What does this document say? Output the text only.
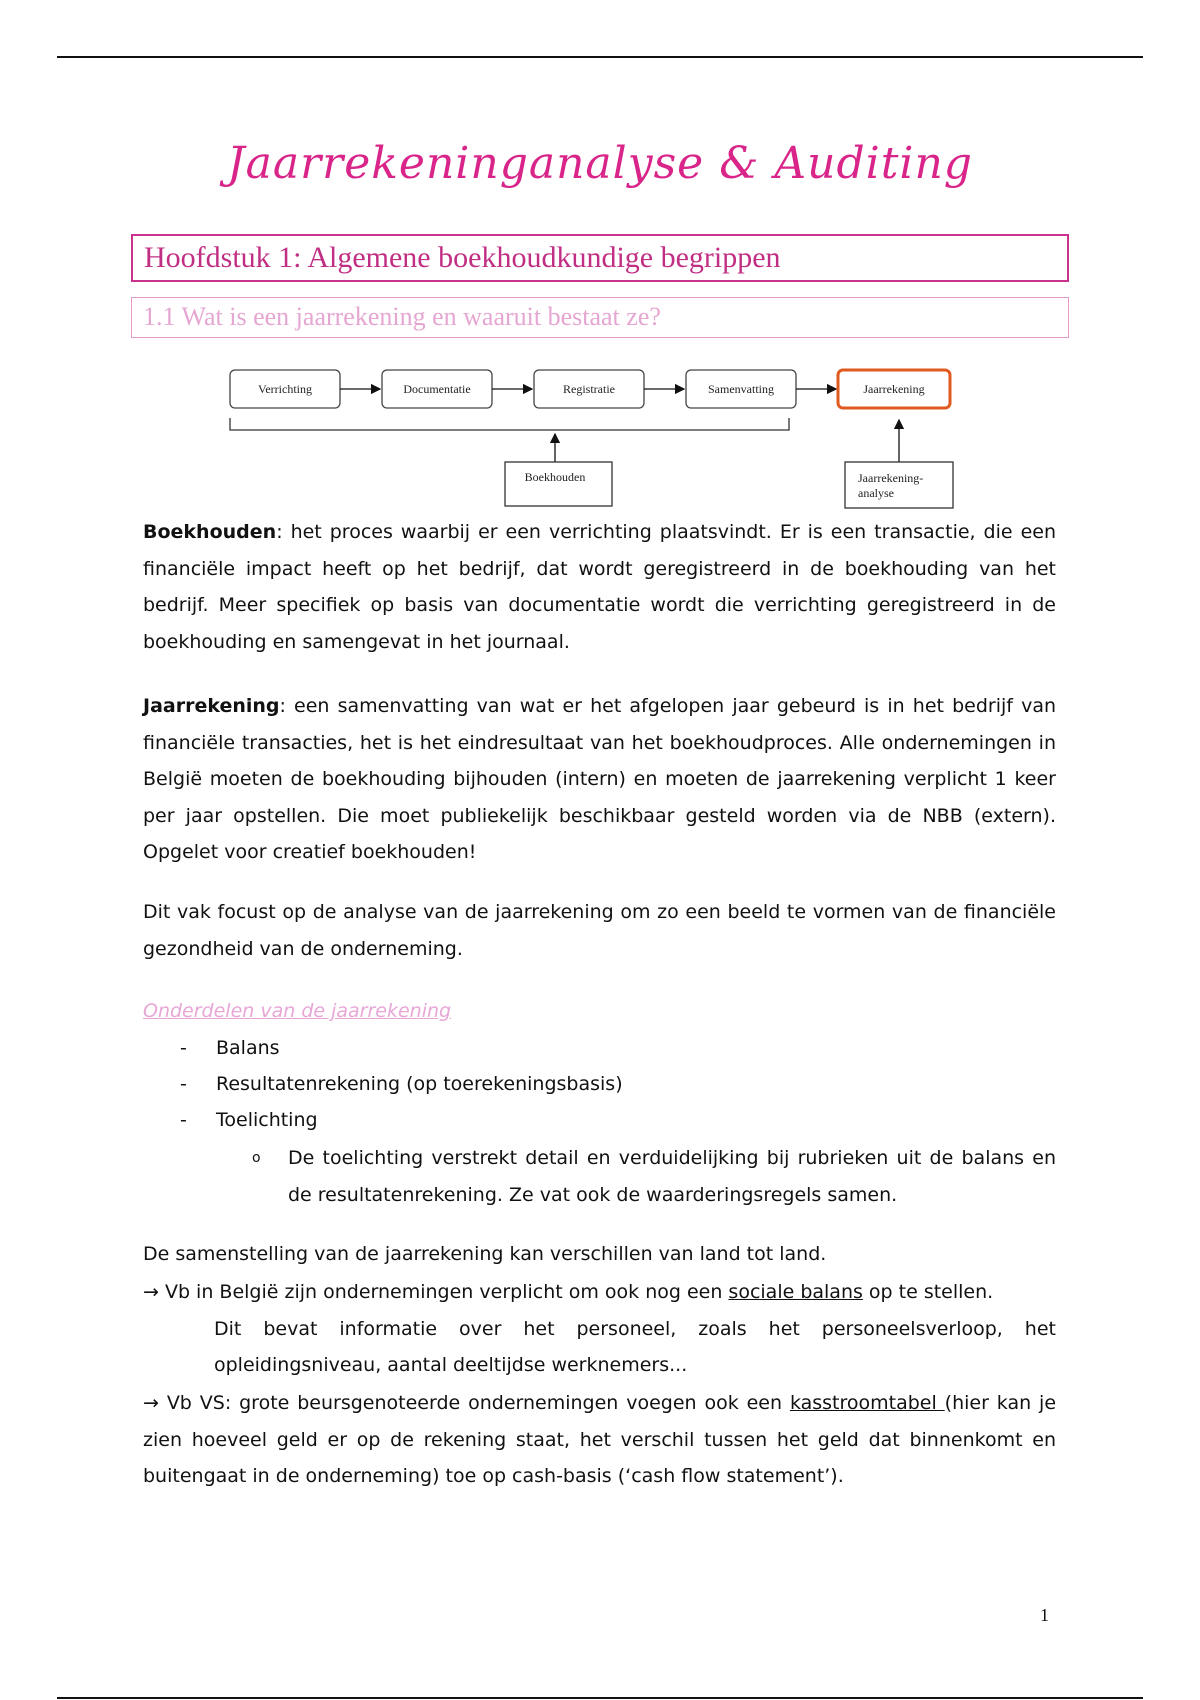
Jaarrekeninganalyse & Auditing
Hoofdstuk 1: Algemene boekhoudkundige begrippen
1.1 Wat is een jaarrekening en waaruit bestaat ze?
Verrichting	Documentatie	Registratie	Samenvatting	Jaarrekening
Boekhouden	Jaarrekening-
analyse

Boekhouden: het proces waarbij er een verrichting plaatsvindt. Er is een transactie, die een financiële impact heeft op het bedrijf, dat wordt geregistreerd in de boekhouding van het bedrijf. Meer specifiek op basis van documentatie wordt die verrichting geregistreerd in de boekhouding en samengevat in het journaal.

Jaarrekening: een samenvatting van wat er het afgelopen jaar gebeurd is in het bedrijf van financiële transacties, het is het eindresultaat van het boekhoudproces. Alle ondernemingen in België moeten de boekhouding bijhouden (intern) en moeten de jaarrekening verplicht 1 keer per jaar opstellen. Die moet publiekelijk beschikbaar gesteld worden via de NBB (extern). Opgelet voor creatief boekhouden!

Dit vak focust op de analyse van de jaarrekening om zo een beeld te vormen van de financiële gezondheid van de onderneming.

Onderdelen van de jaarrekening
- Balans
- Resultatenrekening (op toerekeningsbasis)
- Toelichting
o De toelichting verstrekt detail en verduidelijking bij rubrieken uit de balans en de resultatenrekening. Ze vat ook de waarderingsregels samen.

De samenstelling van de jaarrekening kan verschillen van land tot land.

→ Vb in België zijn ondernemingen verplicht om ook nog een sociale balans op te stellen.
Dit bevat informatie over het personeel, zoals het personeelsverloop, het opleidingsniveau, aantal deeltijdse werknemers...

→ Vb VS: grote beursgenoteerde ondernemingen voegen ook een kasstroomtabel (hier kan je zien hoeveel geld er op de rekening staat, het verschil tussen het geld dat binnenkomt en buitengaat in de onderneming) toe op cash-basis (‘cash flow statement’).

1
